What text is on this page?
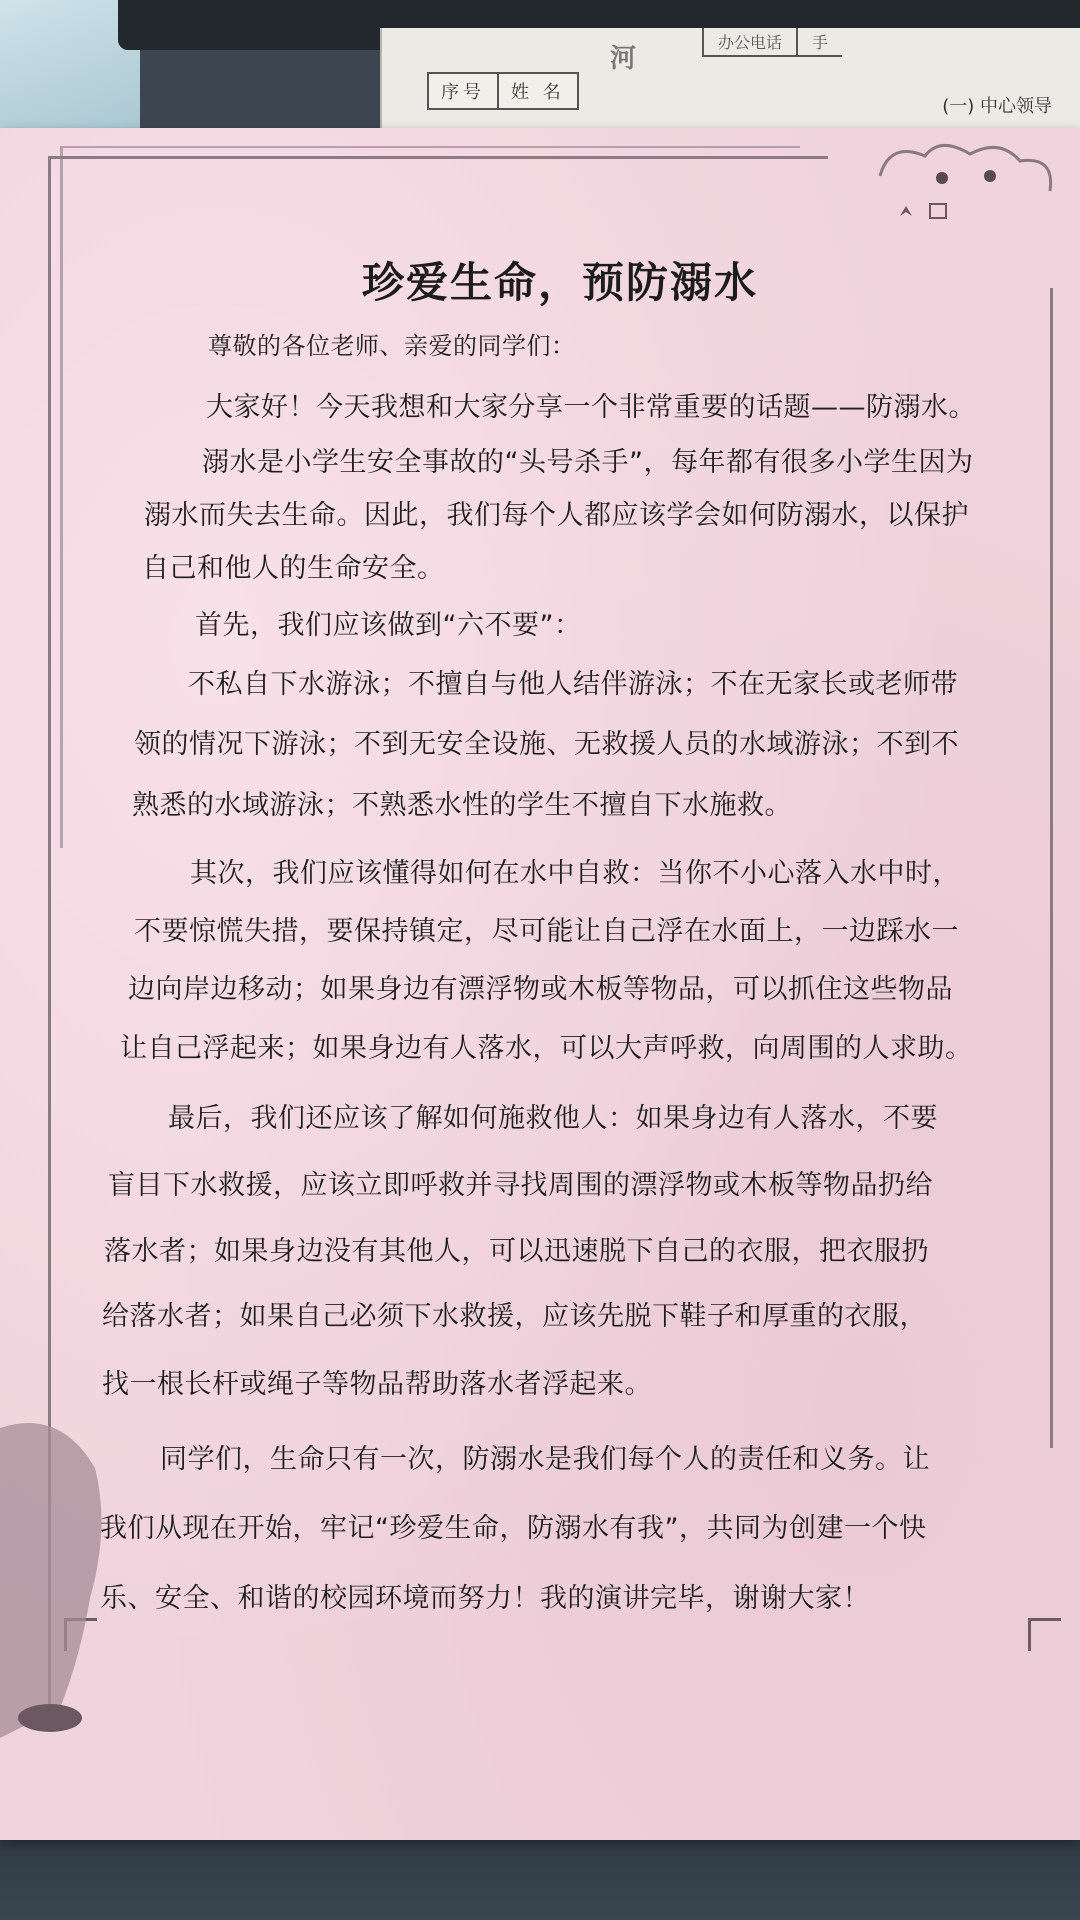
办公电话	手
序号	姓 名
(一) 中心领导
河
珍爱生命，预防溺水
尊敬的各位老师、亲爱的同学们：
大家好！今天我想和大家分享一个非常重要的话题——防溺水。
溺水是小学生安全事故的“头号杀手”，每年都有很多小学生因为
溺水而失去生命。因此，我们每个人都应该学会如何防溺水，以保护
自己和他人的生命安全。
首先，我们应该做到“六不要”：
不私自下水游泳；不擅自与他人结伴游泳；不在无家长或老师带
领的情况下游泳；不到无安全设施、无救援人员的水域游泳；不到不
熟悉的水域游泳；不熟悉水性的学生不擅自下水施救。
其次，我们应该懂得如何在水中自救：当你不小心落入水中时，
不要惊慌失措，要保持镇定，尽可能让自己浮在水面上，一边踩水一
边向岸边移动；如果身边有漂浮物或木板等物品，可以抓住这些物品
让自己浮起来；如果身边有人落水，可以大声呼救，向周围的人求助。
最后，我们还应该了解如何施救他人：如果身边有人落水，不要
盲目下水救援，应该立即呼救并寻找周围的漂浮物或木板等物品扔给
落水者；如果身边没有其他人，可以迅速脱下自己的衣服，把衣服扔
给落水者；如果自己必须下水救援，应该先脱下鞋子和厚重的衣服，
找一根长杆或绳子等物品帮助落水者浮起来。
同学们，生命只有一次，防溺水是我们每个人的责任和义务。让
我们从现在开始，牢记“珍爱生命，防溺水有我”，共同为创建一个快
乐、安全、和谐的校园环境而努力！我的演讲完毕，谢谢大家！
